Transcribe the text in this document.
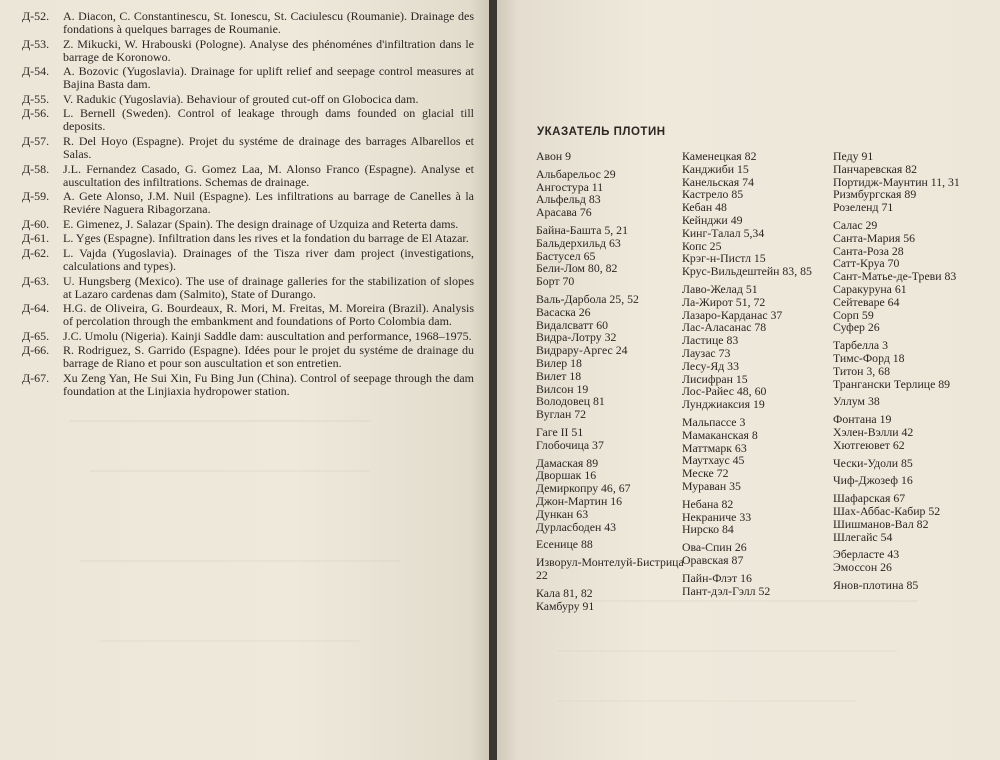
Д-52.	A. Diacon, C. Constantinescu, St. Ionescu, St. Caciulescu (Roumanie). Drainage des fondations à quelques barrages de Roumanie.
Д-53.	Z. Mikucki, W. Hrabouski (Pologne). Analyse des phénoménes d'infiltration dans le barrage de Koronowo.
Д-54.	A. Bozovic (Yugoslavia). Drainage for uplift relief and seepage control measures at Bajina Basta dam.
Д-55.	V. Radukic (Yugoslavia). Behaviour of grouted cut-off on Globocica dam.
Д-56.	L. Bernell (Sweden). Control of leakage through dams founded on glacial till deposits.
Д-57.	R. Del Hoyo (Espagne). Projet du systéme de drainage des barrages Albarellos et Salas.
Д-58.	J.L. Fernandez Casado, G. Gomez Laa, M. Alonso Franco (Espagne). Analyse et auscultation des infiltrations. Schemas de drainage.
Д-59.	A. Gete Alonso, J.M. Nuil (Espagne). Les infiltrations au barrage de Canelles à la Reviére Naguera Ribagorzana.
Д-60.	E. Gimenez, J. Salazar (Spain). The design drainage of Uzquiza and Reterta dams.
Д-61.	L. Yges (Espagne). Infiltration dans les rives et la fondation du barrage de El Atazar.
Д-62.	L. Vajda (Yugoslavia). Drainages of the Tisza river dam project (investigations, calculations and types).
Д-63.	U. Hungsberg (Mexico). The use of drainage galleries for the stabilization of slopes at Lazaro cardenas dam (Salmito), State of Durango.
Д-64.	H.G. de Oliveira, G. Bourdeaux, R. Mori, M. Freitas, M. Moreira (Brazil). Analysis of percolation through the embankment and foundations of Porto Colombia dam.
Д-65.	J.C. Umolu (Nigeria). Kainji Saddle dam: auscultation and performance, 1968–1975.
Д-66.	R. Rodriguez, S. Garrido (Espagne). Idées pour le projet du systéme de drainage du barrage de Riano et pour son auscultation et son entretien.
Д-67.	Xu Zeng Yan, He Sui Xin, Fu Bing Jun (China). Control of seepage through the dam foundation at the Linjiaxia hydropower station.
УКАЗАТЕЛЬ ПЛОТИН
Авон 9
Альбарельос 29
Ангостура 11
Альфельд 83
Арасава 76
Байна-Башта 5, 21
Бальдерхильд 63
Бастусел 65
Бели-Лом 80, 82
Борт 70
Валь-Дарбола 25, 52
Васаска 26
Видалсватт 60
Видра-Лотру 32
Видрару-Аргес 24
Вилер 18
Вилет 18
Вилсон 19
Володовец 81
Вуглан 72
Гаге II 51
Глобочица 37
Дамаская 89
Дворшак 16
Демиркопру 46, 67
Джон-Мартин 16
Дункан 63
Дурласбоден 43
Есенице 88
Изворул-Монтелуй-Бистрица 22
Кала 81, 82
Камбуру 91
Каменецкая 82
Канджиби 15
Канельская 74
Кастрело 85
Кебан 48
Кейнджи 49
Кинг-Талал 5,34
Копс 25
Крэг-н-Пистл 15
Крус-Вильдештейн 83, 85
Лаво-Желад 51
Ла-Жирот 51, 72
Лазаро-Карданас 37
Лас-Аласанас 78
Ластице 83
Лаузас 73
Лесу-Яд 33
Лисифран 15
Лос-Райес 48, 60
Лунджиаксия 19
Мальпассе 3
Мамаканская 8
Маттмарк 63
Маутхаус 45
Меске 72
Мураван 35
Небана 82
Некраниче 33
Нирско 84
Ова-Спин 26
Оравская 87
Пайн-Флэт 16
Пант-дэл-Гэлл 52
Педу 91
Панчаревская 82
Портидж-Маунтин 11, 31
Ризмбургская 89
Розеленд 71
Салас 29
Санта-Мария 56
Санта-Роза 28
Сатт-Круа 70
Сант-Матье-де-Треви 83
Саракуруна 61
Сейтеваре 64
Сорп 59
Суфер 26
Тарбелла 3
Тимс-Форд 18
Титон 3, 68
Трангански Терлице 89
Уллум 38
Фонтана 19
Хэлен-Вэлли 42
Хютгеювет 62
Чески-Удоли 85
Чиф-Джозеф 16
Шафарская 67
Шах-Аббас-Кабир 52
Шишманов-Вал 82
Шлегайс 54
Эберласте 43
Эмоссон 26
Янов-плотина 85
